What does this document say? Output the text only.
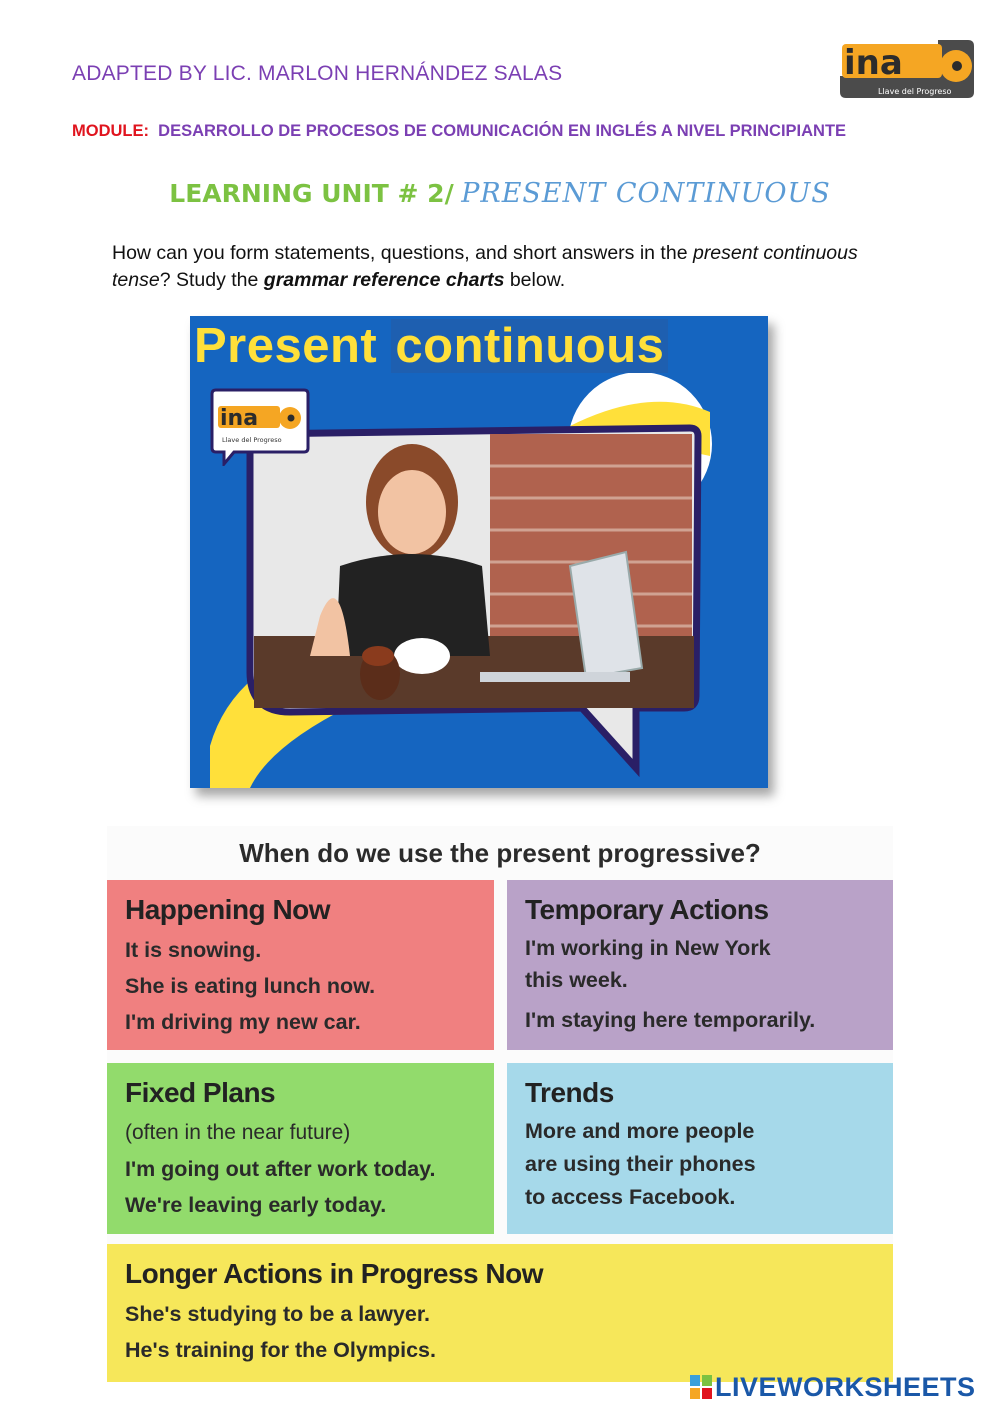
ADAPTED BY LIC. MARLON HERNÁNDEZ SALAS
MODULE: DESARROLLO DE PROCESOS DE COMUNICACIÓN EN INGLÉS A NIVEL PRINCIPIANTE
ina
Llave del Progreso
LEARNING UNIT # 2/ PRESENT CONTINUOUS
How can you form statements, questions, and short answers in the present continuous tense? Study the grammar reference charts below.
Present continuous
ina
Llave del Progreso
When do we use the present progressive?
Happening Now

It is snowing.

She is eating lunch now.

I'm driving my new car.

Temporary Actions

I'm working in New York

this week.

I'm staying here temporarily.

Fixed Plans

(often in the near future)

I'm going out after work today.

We're leaving early today.

Trends

More and more people

are using their phones

to access Facebook.

Longer Actions in Progress Now

She's studying to be a lawyer.

He's training for the Olympics.

LIVEWORKSHEETS
